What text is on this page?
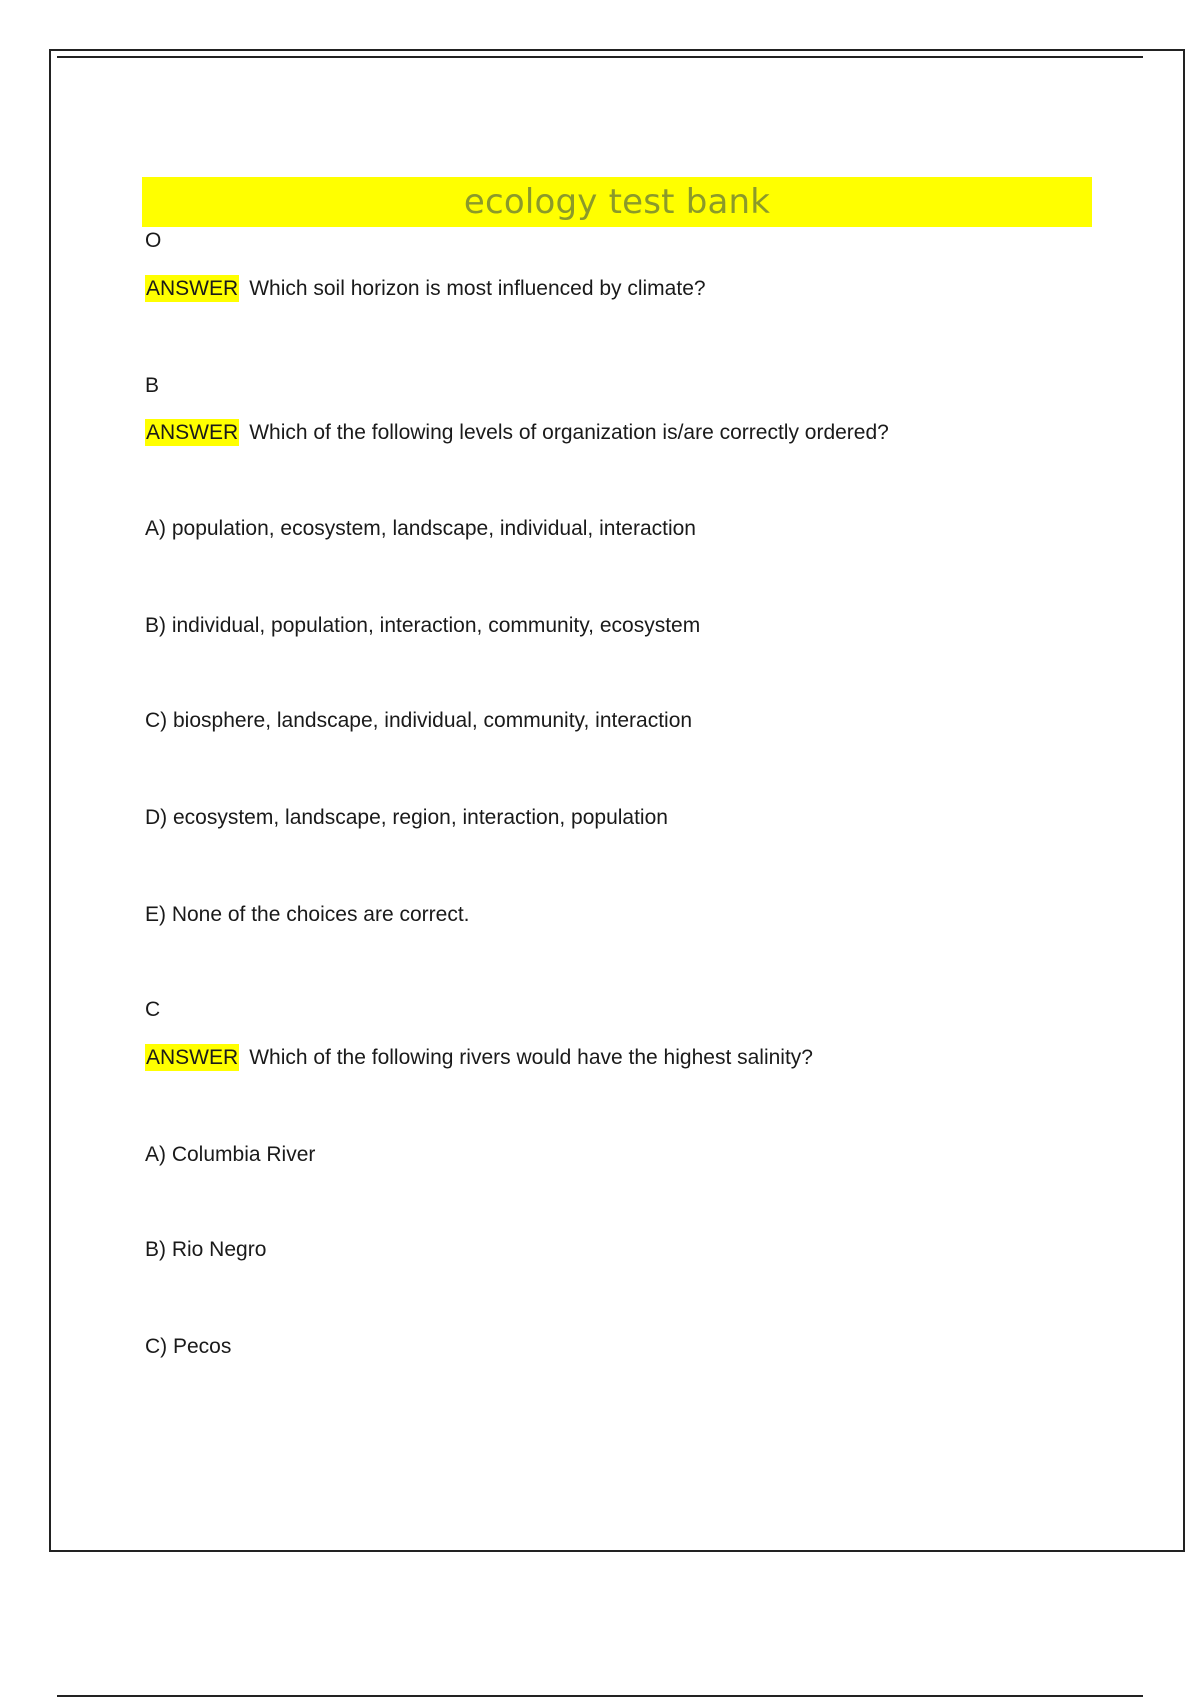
ecology test bank
O
ANSWER Which soil horizon is most influenced by climate?
B
ANSWER Which of the following levels of organization is/are correctly ordered?
A) population, ecosystem, landscape, individual, interaction
B) individual, population, interaction, community, ecosystem
C) biosphere, landscape, individual, community, interaction
D) ecosystem, landscape, region, interaction, population
E) None of the choices are correct.
C
ANSWER Which of the following rivers would have the highest salinity?
A) Columbia River
B) Rio Negro
C) Pecos
